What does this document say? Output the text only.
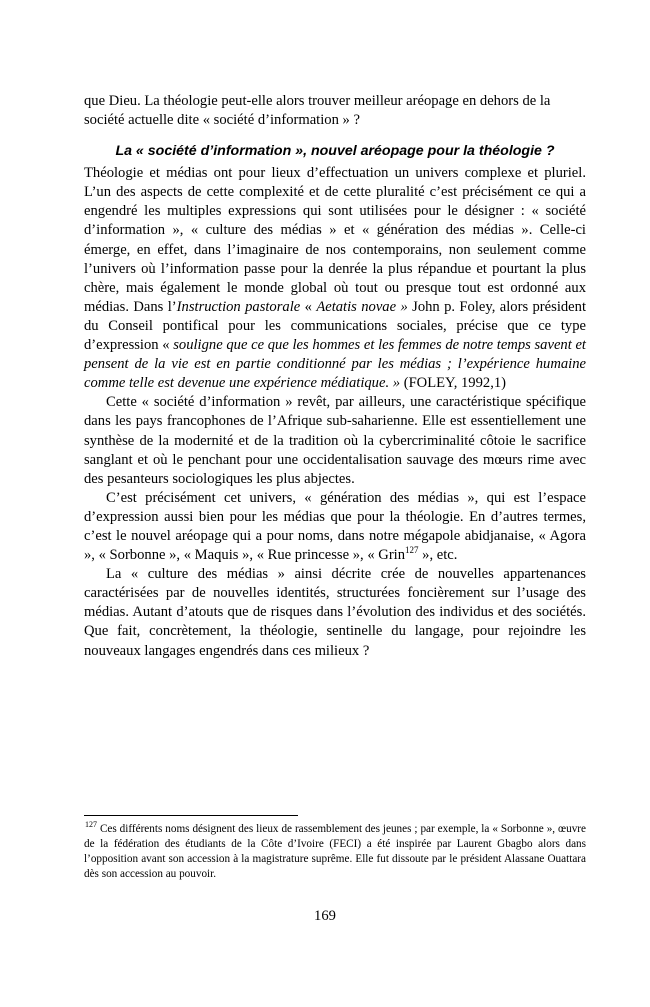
que Dieu. La théologie peut-elle alors trouver meilleur aréopage en dehors de la société actuelle dite « société d’information » ?

La « société d’information », nouvel aréopage pour la théologie ?

Théologie et médias ont pour lieux d’effectuation un univers complexe et pluriel. L’un des aspects de cette complexité et de cette pluralité c’est précisément ce qui a engendré les multiples expressions qui sont utilisées pour le désigner : « société d’information », « culture des médias » et « génération des médias ». Celle-ci émerge, en effet, dans l’imaginaire de nos contemporains, non seulement comme l’univers où l’information passe pour la denrée la plus répandue et pourtant la plus chère, mais également le monde global où tout ou presque tout est ordonné aux médias. Dans l’Instruction pastorale « Aetatis novae » John p. Foley, alors président du Conseil pontifical pour les communications sociales, précise que ce type d’expression « souligne que ce que les hommes et les femmes de notre temps savent et pensent de la vie est en partie conditionné par les médias ; l’expérience humaine comme telle est devenue une expérience médiatique. » (FOLEY, 1992,1)

Cette « société d’information » revêt, par ailleurs, une caractéristique spécifique dans les pays francophones de l’Afrique sub-saharienne. Elle est essentiellement une synthèse de la modernité et de la tradition où la cybercriminalité côtoie le sacrifice sanglant et où le penchant pour une occidentalisation sauvage des mœurs rime avec des pesanteurs sociologiques les plus abjectes.

C’est précisément cet univers, « génération des médias », qui est l’espace d’expression aussi bien pour les médias que pour la théologie. En d’autres termes, c’est le nouvel aréopage qui a pour noms, dans notre mégapole abidjanaise, « Agora », « Sorbonne », « Maquis », « Rue princesse », « Grin$^{127}$ », etc.

La « culture des médias » ainsi décrite crée de nouvelles appartenances caractérisées par de nouvelles identités, structurées foncièrement sur l’usage des médias. Autant d’atouts que de risques dans l’évolution des individus et des sociétés. Que fait, concrètement, la théologie, sentinelle du langage, pour rejoindre les nouveaux langages engendrés dans ces milieux ?

$^{127}$ Ces différents noms désignent des lieux de rassemblement des jeunes ; par exemple, la « Sorbonne », œuvre de la fédération des étudiants de la Côte d’Ivoire (FECI) a été inspirée par Laurent Gbagbo alors dans l’opposition avant son accession à la magistrature suprême. Elle fut dissoute par le président Alassane Ouattara dès son accession au pouvoir.
169
